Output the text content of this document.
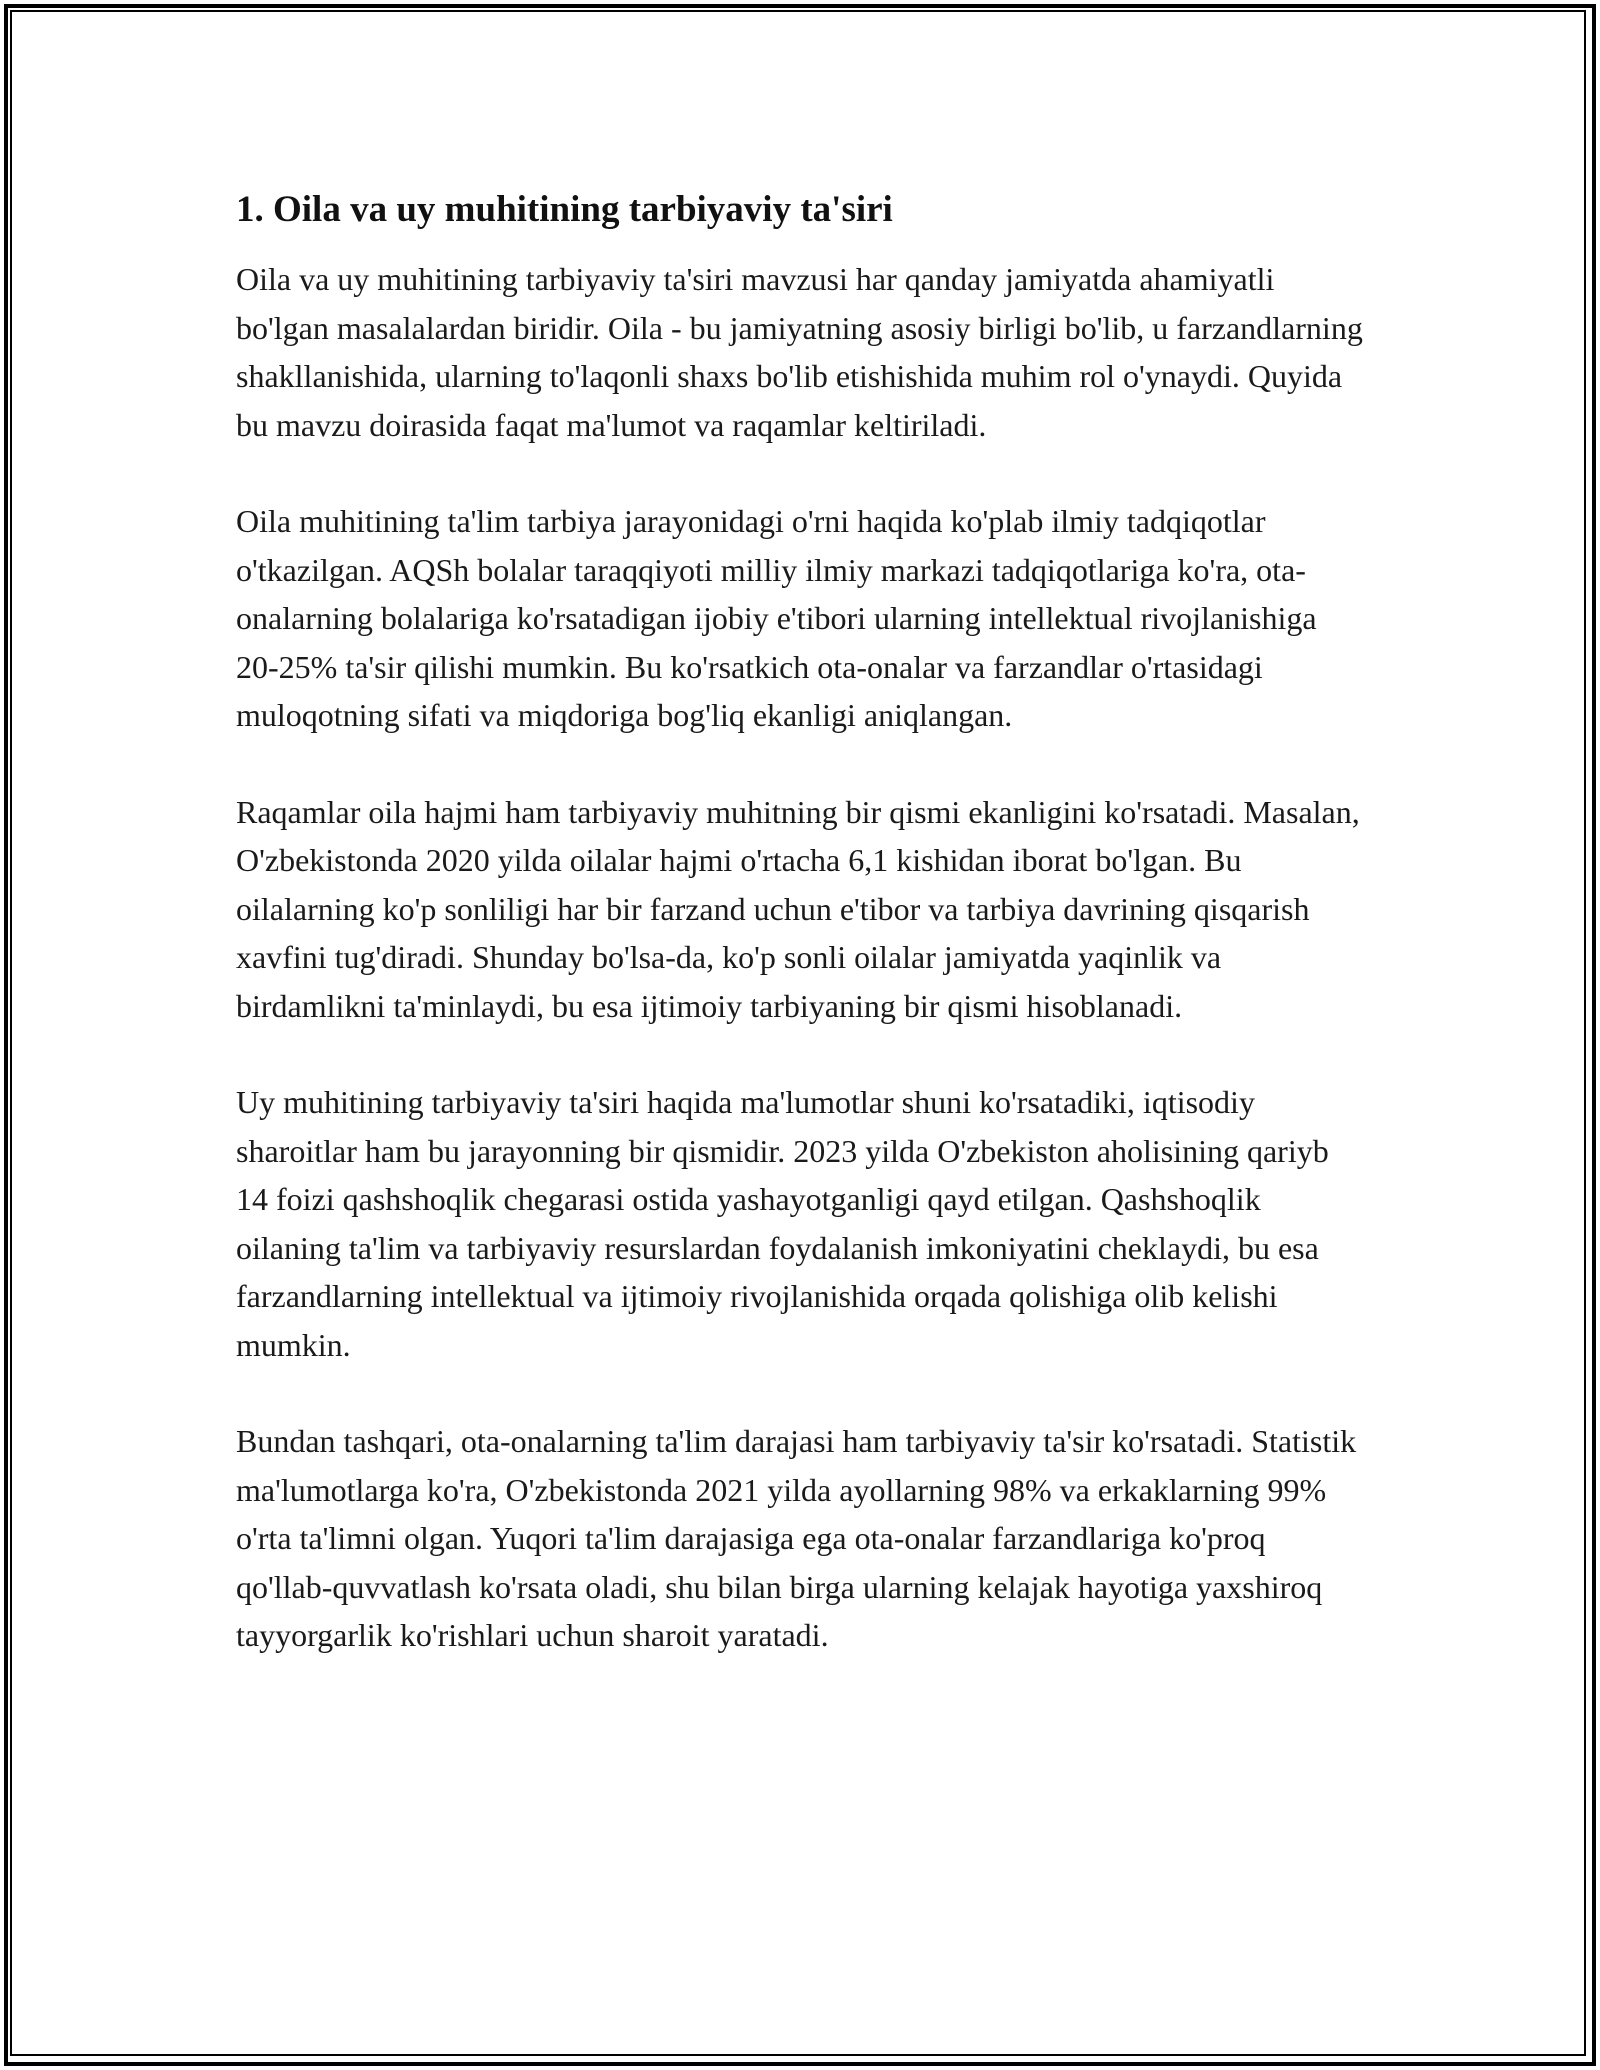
1. Oila va uy muhitining tarbiyaviy ta'siri

Oila va uy muhitining tarbiyaviy ta'siri mavzusi har qanday jamiyatda ahamiyatli bo'lgan masalalardan biridir. Oila - bu jamiyatning asosiy birligi bo'lib, u farzandlarning shakllanishida, ularning to'laqonli shaxs bo'lib etishishida muhim rol o'ynaydi. Quyida bu mavzu doirasida faqat ma'lumot va raqamlar keltiriladi.

Oila muhitining ta'lim tarbiya jarayonidagi o'rni haqida ko'plab ilmiy tadqiqotlar o'tkazilgan. AQSh bolalar taraqqiyoti milliy ilmiy markazi tadqiqotlariga ko'ra, ota-onalarning bolalariga ko'rsatadigan ijobiy e'tibori ularning intellektual rivojlanishiga 20-25% ta'sir qilishi mumkin. Bu ko'rsatkich ota-onalar va farzandlar o'rtasidagi muloqotning sifati va miqdoriga bog'liq ekanligi aniqlangan.

Raqamlar oila hajmi ham tarbiyaviy muhitning bir qismi ekanligini ko'rsatadi. Masalan, O'zbekistonda 2020 yilda oilalar hajmi o'rtacha 6,1 kishidan iborat bo'lgan. Bu oilalarning ko'p sonliligi har bir farzand uchun e'tibor va tarbiya davrining qisqarish xavfini tug'diradi. Shunday bo'lsa-da, ko'p sonli oilalar jamiyatda yaqinlik va birdamlikni ta'minlaydi, bu esa ijtimoiy tarbiyaning bir qismi hisoblanadi.

Uy muhitining tarbiyaviy ta'siri haqida ma'lumotlar shuni ko'rsatadiki, iqtisodiy sharoitlar ham bu jarayonning bir qismidir. 2023 yilda O'zbekiston aholisining qariyb 14 foizi qashshoqlik chegarasi ostida yashayotganligi qayd etilgan. Qashshoqlik oilaning ta'lim va tarbiyaviy resurslardan foydalanish imkoniyatini cheklaydi, bu esa farzandlarning intellektual va ijtimoiy rivojlanishida orqada qolishiga olib kelishi mumkin.

Bundan tashqari, ota-onalarning ta'lim darajasi ham tarbiyaviy ta'sir ko'rsatadi. Statistik ma'lumotlarga ko'ra, O'zbekistonda 2021 yilda ayollarning 98% va erkaklarning 99% o'rta ta'limni olgan. Yuqori ta'lim darajasiga ega ota-onalar farzandlariga ko'proq qo'llab-quvvatlash ko'rsata oladi, shu bilan birga ularning kelajak hayotiga yaxshiroq tayyorgarlik ko'rishlari uchun sharoit yaratadi.
